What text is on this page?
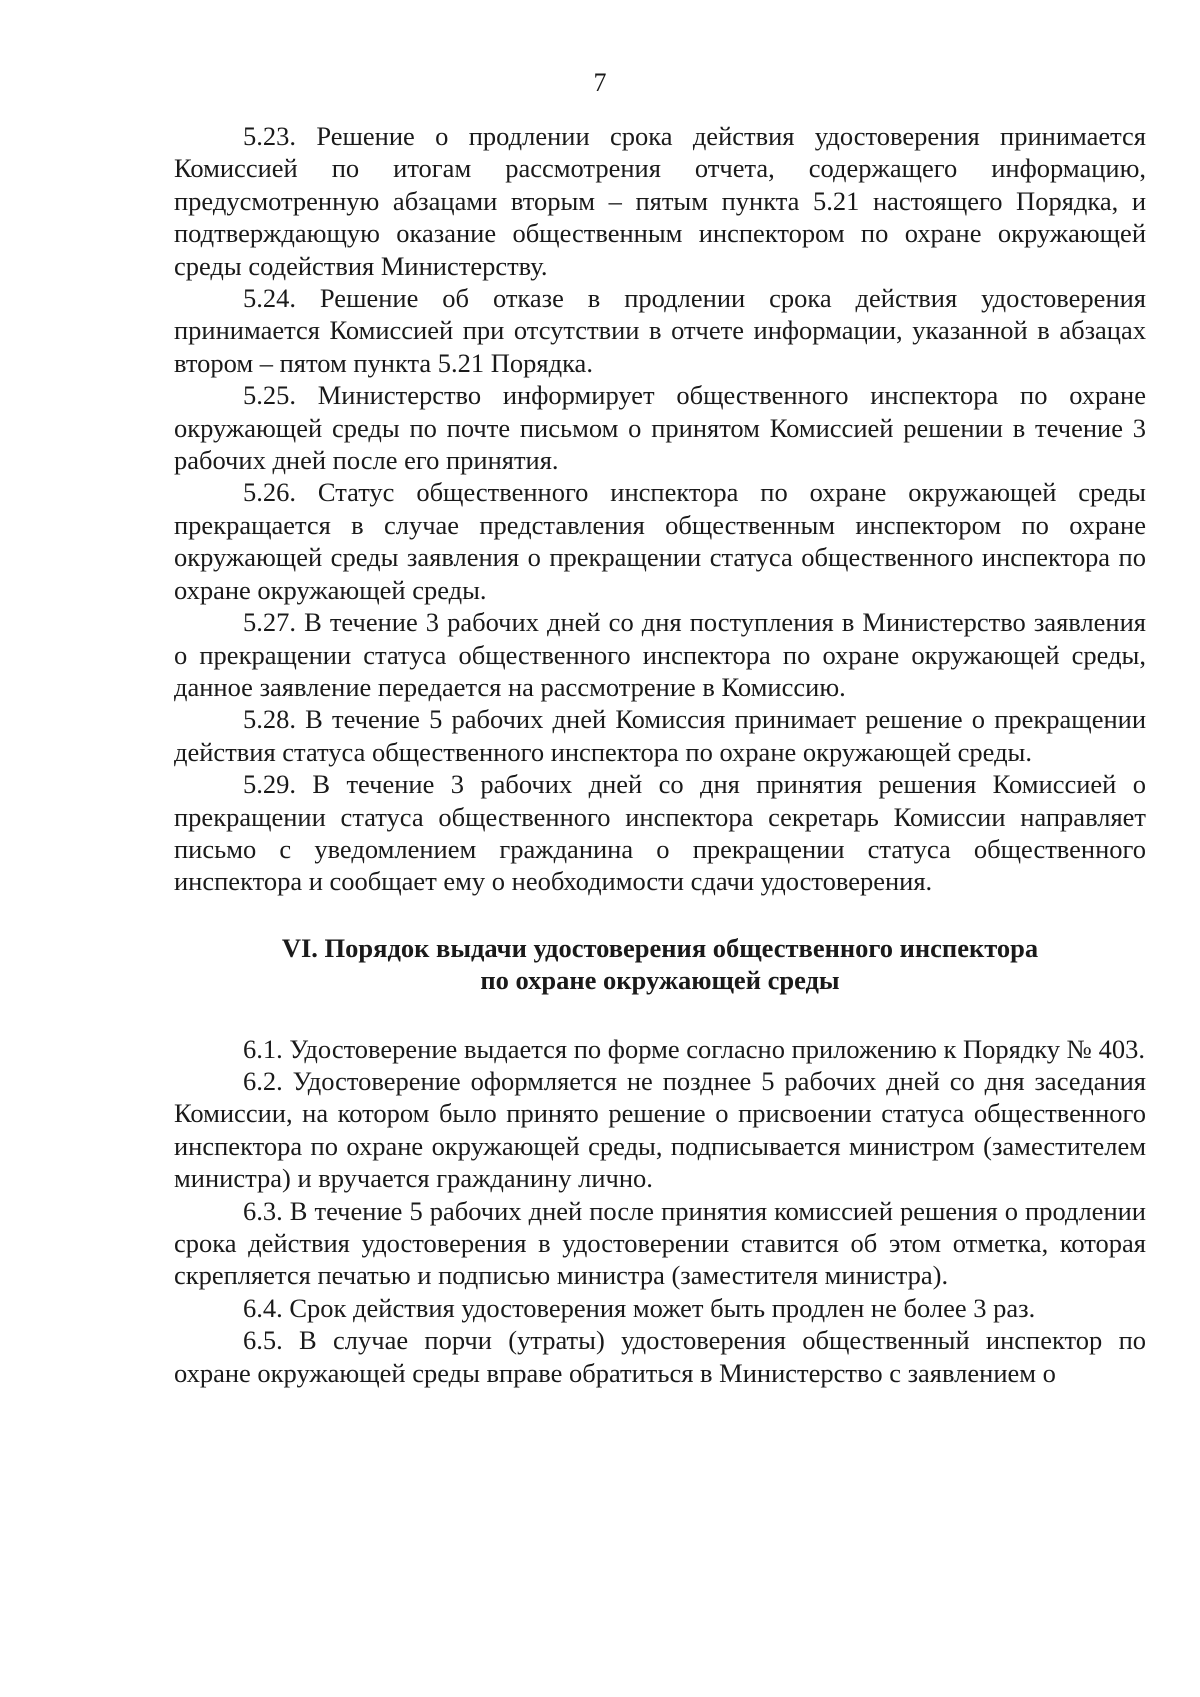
7

5.23. Решение о продлении срока действия удостоверения принимается Комиссией по итогам рассмотрения отчета, содержащего информацию, предусмотренную абзацами вторым – пятым пункта 5.21 настоящего Порядка, и подтверждающую оказание общественным инспектором по охране окружающей среды содействия Министерству.

5.24. Решение об отказе в продлении срока действия удостоверения принимается Комиссией при отсутствии в отчете информации, указанной в абзацах втором – пятом пункта 5.21 Порядка.

5.25. Министерство информирует общественного инспектора по охране окружающей среды по почте письмом о принятом Комиссией решении в течение 3 рабочих дней после его принятия.

5.26. Статус общественного инспектора по охране окружающей среды прекращается в случае представления общественным инспектором по охране окружающей среды заявления о прекращении статуса общественного инспектора по охране окружающей среды.

5.27. В течение 3 рабочих дней со дня поступления в Министерство заявления о прекращении статуса общественного инспектора по охране окружающей среды, данное заявление передается на рассмотрение в Комиссию.

5.28. В течение 5 рабочих дней Комиссия принимает решение о прекращении действия статуса общественного инспектора по охране окружающей среды.

5.29. В течение 3 рабочих дней со дня принятия решения Комиссией о прекращении статуса общественного инспектора секретарь Комиссии направляет письмо с уведомлением гражданина о прекращении статуса общественного инспектора и сообщает ему о необходимости сдачи удостоверения.

VI. Порядок выдачи удостоверения общественного инспектора
по охране окружающей среды

6.1. Удостоверение выдается по форме согласно приложению к Порядку № 403.

6.2. Удостоверение оформляется не позднее 5 рабочих дней со дня заседания Комиссии, на котором было принято решение о присвоении статуса общественного инспектора по охране окружающей среды, подписывается министром (заместителем министра) и вручается гражданину лично.

6.3. В течение 5 рабочих дней после принятия комиссией решения о продлении срока действия удостоверения в удостоверении ставится об этом отметка, которая скрепляется печатью и подписью министра (заместителя министра).

6.4. Срок действия удостоверения может быть продлен не более 3 раз.

6.5. В случае порчи (утраты) удостоверения общественный инспектор по охране окружающей среды вправе обратиться в Министерство с заявлением о
